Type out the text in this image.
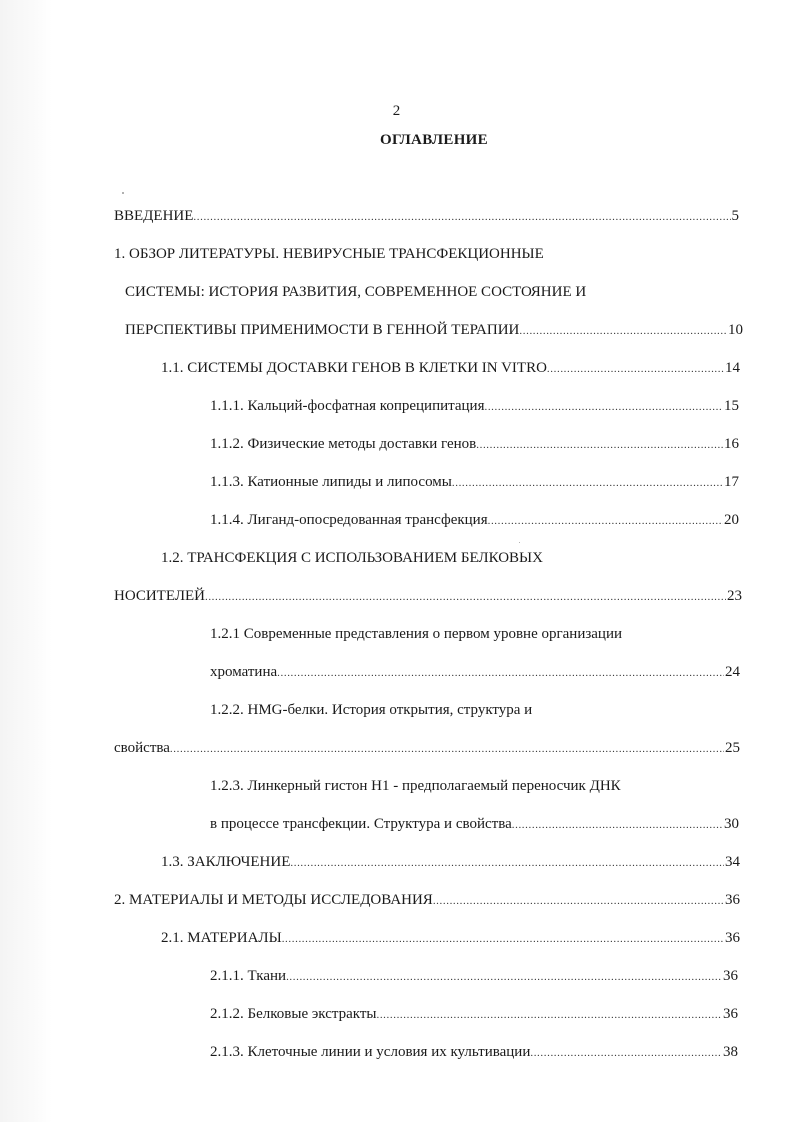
2
ОГЛАВЛЕНИЕ
ВВЕДЕНИЕ .....	5
1. ОБЗОР ЛИТЕРАТУРЫ. НЕВИРУСНЫЕ ТРАНСФЕКЦИОННЫЕ
СИСТЕМЫ: ИСТОРИЯ РАЗВИТИЯ, СОВРЕМЕННОЕ СОСТОЯНИЕ И
ПЕРСПЕКТИВЫ ПРИМЕНИМОСТИ В ГЕННОЙ ТЕРАПИИ .....	10
1.1. СИСТЕМЫ ДОСТАВКИ ГЕНОВ В КЛЕТКИ IN VITRO .....	14
1.1.1. Кальций-фосфатная копреципитация .....	15
1.1.2. Физические методы доставки генов .....	16
1.1.3. Катионные липиды и липосомы .....	17
1.1.4. Лиганд-опосредованная трансфекция .....	20
1.2. ТРАНСФЕКЦИЯ С ИСПОЛЬЗОВАНИЕМ БЕЛКОВЫХ
НОСИТЕЛЕЙ .....	23
1.2.1 Современные представления о первом уровне организации
хроматина .....	24
1.2.2. HMG-белки. История открытия, структура и
свойства .....	25
1.2.3. Линкерный гистон H1 - предполагаемый переносчик ДНК
в процессе трансфекции. Структура и свойства .....	30
1.3. ЗАКЛЮЧЕНИЕ .....	34
2. МАТЕРИАЛЫ И МЕТОДЫ ИССЛЕДОВАНИЯ .....	36
2.1. МАТЕРИАЛЫ .....	36
2.1.1. Ткани .....	36
2.1.2. Белковые экстракты .....	36
2.1.3. Клеточные линии и условия их культивации .....	38
